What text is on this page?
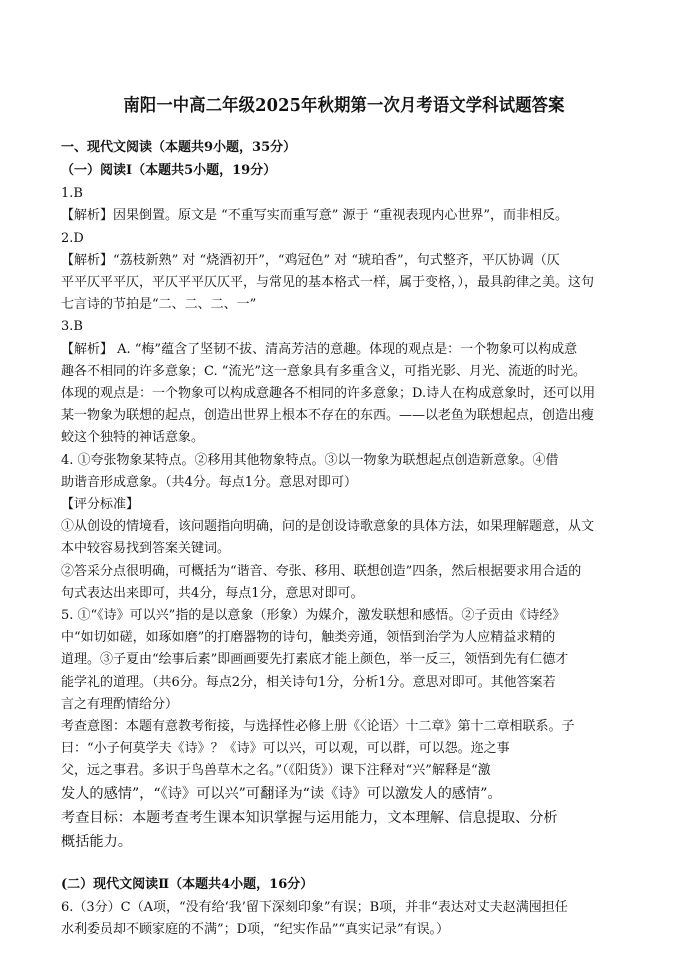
南阳一中高二年级2025年秋期第一次月考语文学科试题答案
一、现代文阅读（本题共9小题，35分）
（一）阅读Ⅰ（本题共5小题，19分）
1.B
【解析】因果倒置。原文是 “不重写实而重写意” 源于 “重视表现内心世界”，而非相反。
2.D
【解析】“荔枝新熟” 对 “烧酒初开”，“鸡冠色” 对 “琥珀香”，句式整齐，平仄协调（仄
平平仄平平仄，平仄平平仄仄平，与常见的基本格式一样，属于变格，），最具韵律之美。这句
七言诗的节拍是“二、二、二、一”
3.B
【解析】 A. “梅”蕴含了坚韧不拔、清高芳洁的意趣。体现的观点是：一个物象可以构成意
趣各不相同的许多意象；C. “流光”这一意象具有多重含义，可指光影、月光、流逝的时光。
体现的观点是：一个物象可以构成意趣各不相同的许多意象；D.诗人在构成意象时，还可以用
某一物象为联想的起点，创造出世界上根本不存在的东西。——以老鱼为联想起点，创造出瘦
蛟这个独特的神话意象。
4. ①夸张物象某特点。②移用其他物象特点。③以一物象为联想起点创造新意象。④借
助谐音形成意象。（共4分。每点1分。意思对即可）
【评分标准】
①从创设的情境看，该问题指向明确，问的是创设诗歌意象的具体方法，如果理解题意，从文
本中较容易找到答案关键词。
②答采分点很明确，可概括为“谐音、夸张、移用、联想创造”四条，然后根据要求用合适的
句式表达出来即可，共4分，每点1分，意思对即可。
5. ①“《诗》可以兴”指的是以意象（形象）为媒介，激发联想和感悟。②子贡由《诗经》
中“如切如磋，如琢如磨”的打磨器物的诗句，触类旁通，领悟到治学为人应精益求精的
道理。③子夏由“绘事后素”即画画要先打素底才能上颜色，举一反三，领悟到先有仁德才
能学礼的道理。（共6分。每点2分，相关诗句1分，分析1分。意思对即可。其他答案若
言之有理酌情给分）
考查意图：本题有意教考衔接，与选择性必修上册《〈论语〉十二章》第十二章相联系。子
曰：“小子何莫学夫《诗》？《诗》可以兴，可以观，可以群，可以怨。迩之事
父，远之事君。多识于鸟兽草木之名。”（《阳货》）课下注释对“兴”解释是“激
发人的感情”，“《诗》可以兴”可翻译为“读《诗》可以激发人的感情”。
考查目标：本题考查考生课本知识掌握与运用能力，文本理解、信息提取、分析
概括能力。
(二）现代文阅读Ⅱ（本题共4小题，16分）
6.（3分）C（A项，“没有给‘我’留下深刻印象”有误；B项，并非“表达对丈夫赵满囤担任
水利委员却不顾家庭的不满”；D项，“纪实作品”“真实记录”有误。）
